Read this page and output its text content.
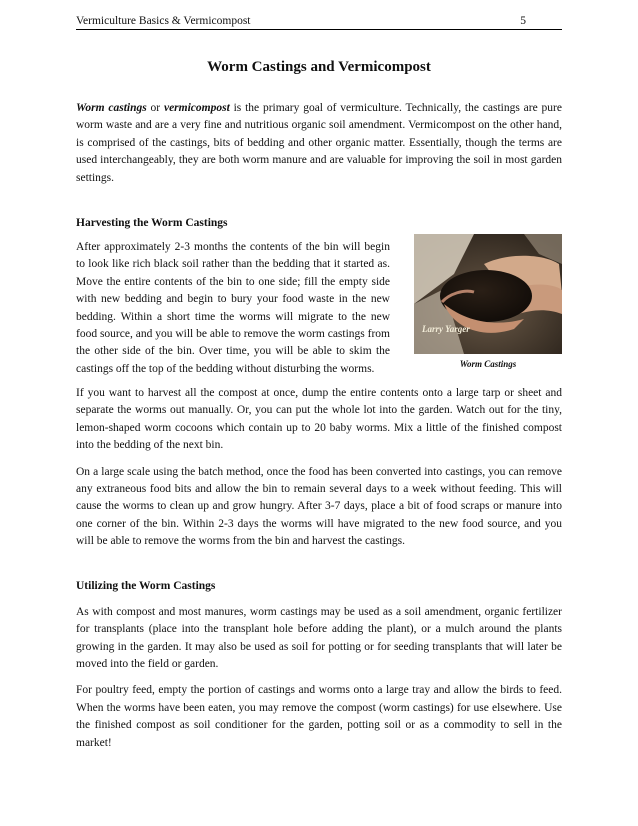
Vermiculture Basics & Vermicompost	5
Worm Castings and Vermicompost

Worm castings or vermicompost is the primary goal of vermiculture. Technically, the castings are pure worm waste and are a very fine and nutritious organic soil amendment. Vermicompost on the other hand, is comprised of the castings, bits of bedding and other organic matter. Essentially, though the terms are used interchangeably, they are both worm manure and are valuable for improving the soil in most garden settings.

Harvesting the Worm Castings

After approximately 2-3 months the contents of the bin will begin to look like rich black soil rather than the bedding that it started as. Move the entire contents of the bin to one side; fill the empty side with new bedding and begin to bury your food waste in the new bedding. Within a short time the worms will migrate to the new food source, and you will be able to remove the worm castings from the other side of the bin. Over time, you will be able to skim the castings off the top of the bedding without disturbing the worms.

Larry Yarger
Worm Castings

If you want to harvest all the compost at once, dump the entire contents onto a large tarp or sheet and separate the worms out manually. Or, you can put the whole lot into the garden. Watch out for the tiny, lemon-shaped worm cocoons which contain up to 20 baby worms. Mix a little of the finished compost into the bedding of the next bin.

On a large scale using the batch method, once the food has been converted into castings, you can remove any extraneous food bits and allow the bin to remain several days to a week without feeding. This will cause the worms to clean up and grow hungry. After 3-7 days, place a bit of food scraps or manure into one corner of the bin. Within 2-3 days the worms will have migrated to the new food source, and you will be able to remove the worms from the bin and harvest the castings.

Utilizing the Worm Castings

As with compost and most manures, worm castings may be used as a soil amendment, organic fertilizer for transplants (place into the transplant hole before adding the plant), or a mulch around the plants growing in the garden. It may also be used as soil for potting or for seeding transplants that will later be moved into the field or garden.

For poultry feed, empty the portion of castings and worms onto a large tray and allow the birds to feed. When the worms have been eaten, you may remove the compost (worm castings) for use elsewhere. Use the finished compost as soil conditioner for the garden, potting soil or as a commodity to sell in the market!
